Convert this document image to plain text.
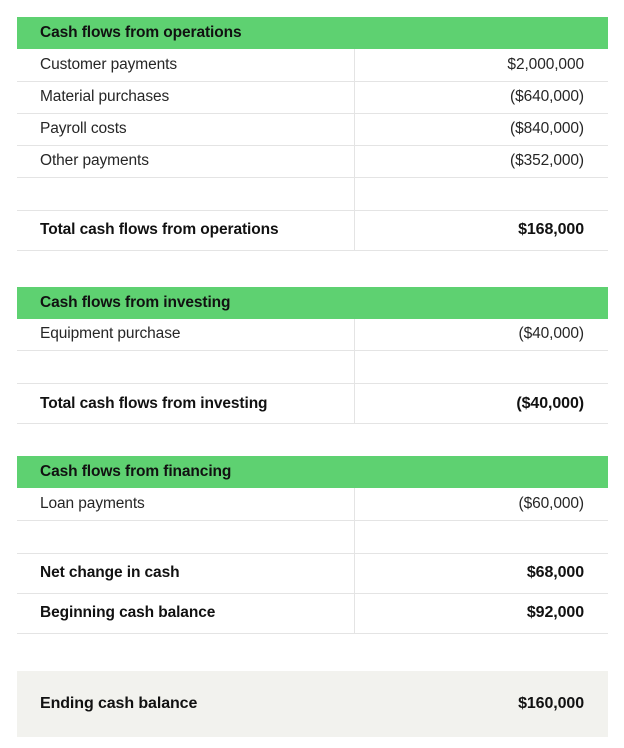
Cash flows from operations
Customer payments	$2,000,000
Material purchases	($640,000)
Payroll costs	($840,000)
Other payments	($352,000)

Total cash flows from operations	$168,000
Cash flows from investing
Equipment purchase	($40,000)

Total cash flows from investing	($40,000)
Cash flows from financing
Loan payments	($60,000)

Net change in cash	$68,000
Beginning cash balance	$92,000
Ending cash balance	$160,000
